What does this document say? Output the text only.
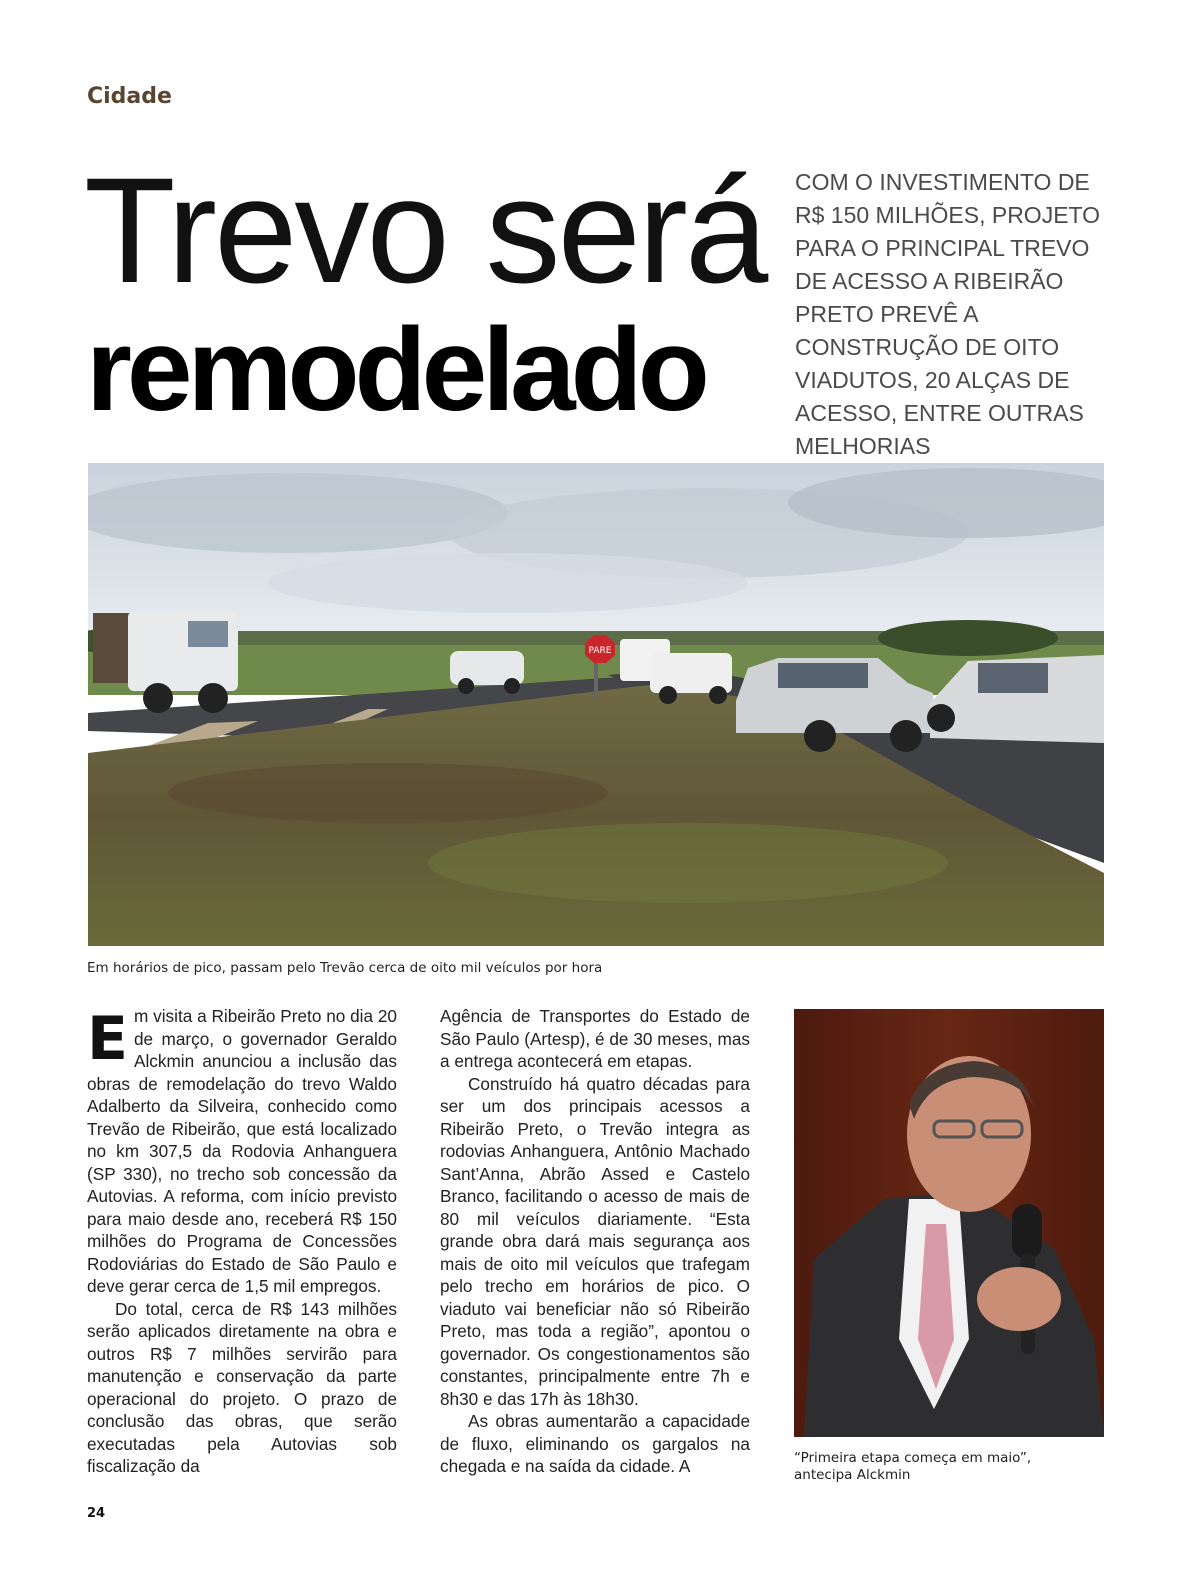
Cidade
Trevo será
remodelado

COM O INVESTIMENTO DE R$ 150 MILHÕES, PROJETO PARA O PRINCIPAL TREVO DE ACESSO A RIBEIRÃO PRETO PREVÊ A CONSTRUÇÃO DE OITO VIADUTOS, 20 ALÇAS DE ACESSO, ENTRE OUTRAS MELHORIAS

PARE
Em horários de pico, passam pelo Trevão cerca de oito mil veículos por hora

Em visita a Ribeirão Preto no dia 20 de março, o governador Geraldo Alckmin anunciou a inclusão das obras de remodelação do trevo Waldo Adalberto da Silveira, conhecido como Trevão de Ribeirão, que está localizado no km 307,5 da Rodovia Anhanguera (SP 330), no trecho sob concessão da Autovias. A reforma, com início previsto para maio desde ano, receberá R$ 150 milhões do Programa de Concessões Rodoviárias do Estado de São Paulo e deve gerar cerca de 1,5 mil empregos.

Do total, cerca de R$ 143 milhões serão aplicados diretamente na obra e outros R$ 7 milhões servirão para manutenção e conservação da parte operacional do projeto. O prazo de conclusão das obras, que serão executadas pela Autovias sob fiscalização da

Agência de Transportes do Estado de São Paulo (Artesp), é de 30 meses, mas a entrega acontecerá em etapas.

Construído há quatro décadas para ser um dos principais acessos a Ribeirão Preto, o Trevão integra as rodovias Anhanguera, Antônio Machado Sant’Anna, Abrão Assed e Castelo Branco, facilitando o acesso de mais de 80 mil veículos diariamente. “Esta grande obra dará mais segurança aos mais de oito mil veículos que trafegam pelo trecho em horários de pico. O viaduto vai beneficiar não só Ribeirão Preto, mas toda a região”, apontou o governador. Os congestionamentos são constantes, principalmente entre 7h e 8h30 e das 17h às 18h30.

As obras aumentarão a capacidade de fluxo, eliminando os gargalos na chegada e na saída da cidade. A	“Primeira etapa começa em maio”, antecipa Alckmin
24
